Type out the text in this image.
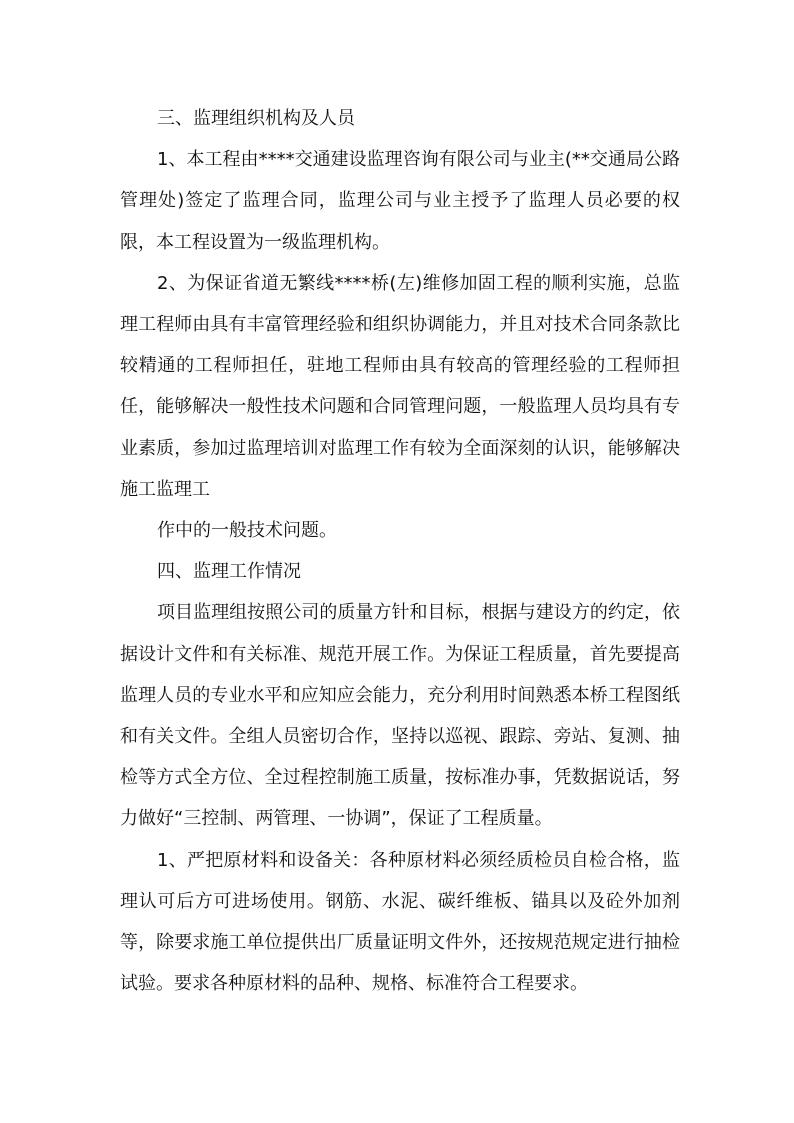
三、监理组织机构及人员

1、本工程由****交通建设监理咨询有限公司与业主(**交通局公路管理处)签定了监理合同，监理公司与业主授予了监理人员必要的权限，本工程设置为一级监理机构。

2、为保证省道无繁线****桥(左)维修加固工程的顺利实施，总监理工程师由具有丰富管理经验和组织协调能力，并且对技术合同条款比较精通的工程师担任，驻地工程师由具有较高的管理经验的工程师担任，能够解决一般性技术问题和合同管理问题，一般监理人员均具有专业素质，参加过监理培训对监理工作有较为全面深刻的认识，能够解决施工监理工

作中的一般技术问题。

四、监理工作情况

项目监理组按照公司的质量方针和目标，根据与建设方的约定，依据设计文件和有关标准、规范开展工作。为保证工程质量，首先要提高监理人员的专业水平和应知应会能力，充分利用时间熟悉本桥工程图纸和有关文件。全组人员密切合作，坚持以巡视、跟踪、旁站、复测、抽检等方式全方位、全过程控制施工质量，按标准办事，凭数据说话，努力做好“三控制、两管理、一协调”，保证了工程质量。

1、严把原材料和设备关：各种原材料必须经质检员自检合格，监理认可后方可进场使用。钢筋、水泥、碳纤维板、锚具以及砼外加剂等，除要求施工单位提供出厂质量证明文件外，还按规范规定进行抽检试验。要求各种原材料的品种、规格、标准符合工程要求。
